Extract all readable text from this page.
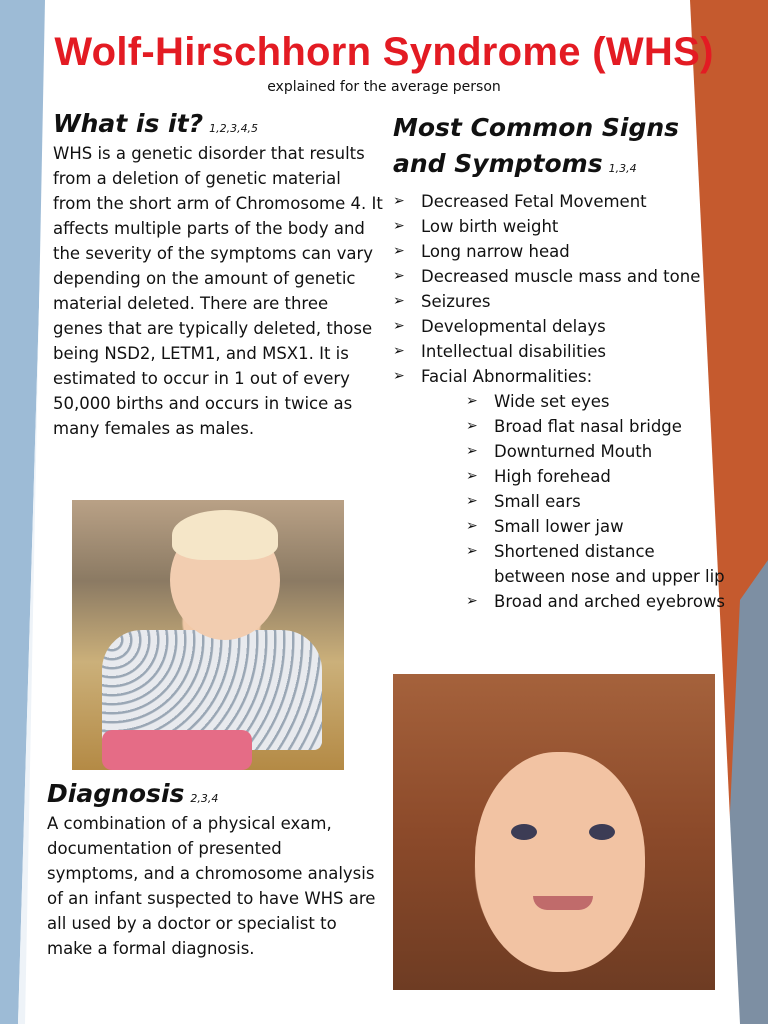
Wolf-Hirschhorn Syndrome (WHS)

explained for the average person

What is it? 1,2,3,4,5

WHS is a genetic disorder that results from a deletion of genetic material from the short arm of Chromosome 4. It affects multiple parts of the body and the severity of the symptoms can vary depending on the amount of genetic material deleted. There are three genes that are typically deleted, those being NSD2, LETM1, and MSX1. It is estimated to occur in 1 out of every 50,000 births and occurs in twice as many females as males.

Most Common Signs
and Symptoms 1,3,4
➢ Decreased Fetal Movement
➢ Low birth weight
➢ Long narrow head
➢ Decreased muscle mass and tone
➢ Seizures
➢ Developmental delays
➢ Intellectual disabilities
➢ Facial Abnormalities:
➢ Wide set eyes
➢ Broad flat nasal bridge
➢ Downturned Mouth
➢ High forehead
➢ Small ears
➢ Small lower jaw
➢ Shortened distance between nose and upper lip
➢ Broad and arched eyebrows
Diagnosis 2,3,4

A combination of a physical exam, documentation of presented symptoms, and a chromosome analysis of an infant suspected to have WHS are all used by a doctor or specialist to make a formal diagnosis.
